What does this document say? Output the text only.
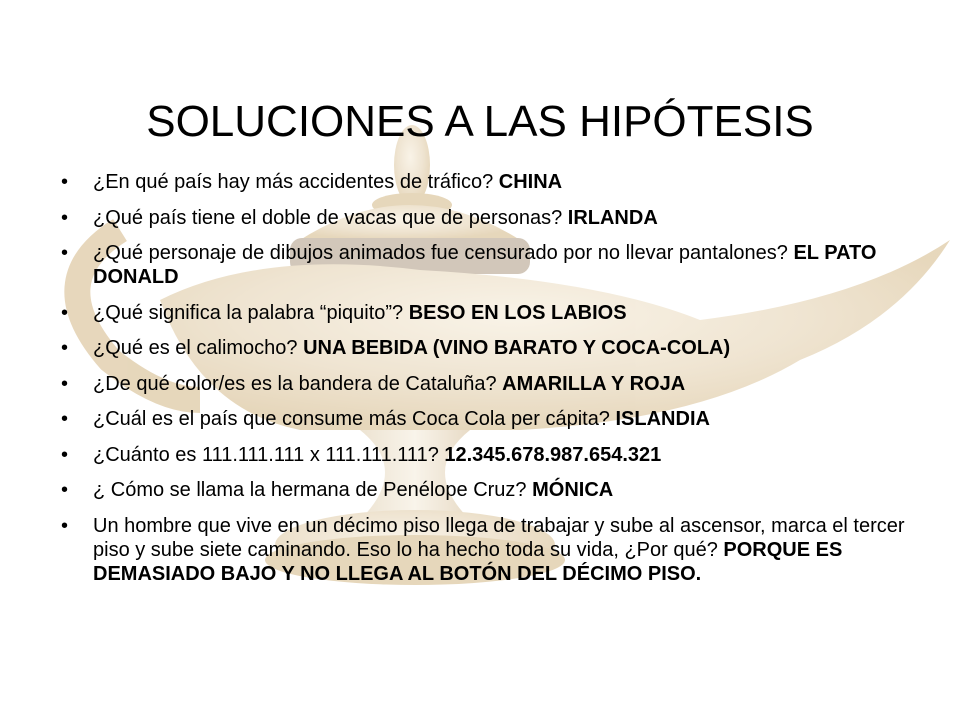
SOLUCIONES A LAS HIPÓTESIS
• ¿En qué país hay más accidentes de tráfico? CHINA
• ¿Qué país tiene el doble de vacas que de personas? IRLANDA
• ¿Qué personaje de dibujos animados fue censurado por no llevar pantalones? EL PATO DONALD
• ¿Qué significa la palabra “piquito”? BESO EN LOS LABIOS
• ¿Qué es el calimocho? UNA BEBIDA (VINO BARATO Y COCA-COLA)
• ¿De qué color/es es la bandera de Cataluña? AMARILLA Y ROJA
• ¿Cuál es el país que consume más Coca Cola per cápita? ISLANDIA
• ¿Cuánto es 111.111.111 x 111.111.111? 12.345.678.987.654.321
• ¿ Cómo se llama la hermana de Penélope Cruz? MÓNICA
• Un hombre que vive en un décimo piso llega de trabajar y sube al ascensor, marca el tercer piso y sube siete caminando. Eso lo ha hecho toda su vida, ¿Por qué? PORQUE ES DEMASIADO BAJO Y NO LLEGA AL BOTÓN DEL DÉCIMO PISO.
